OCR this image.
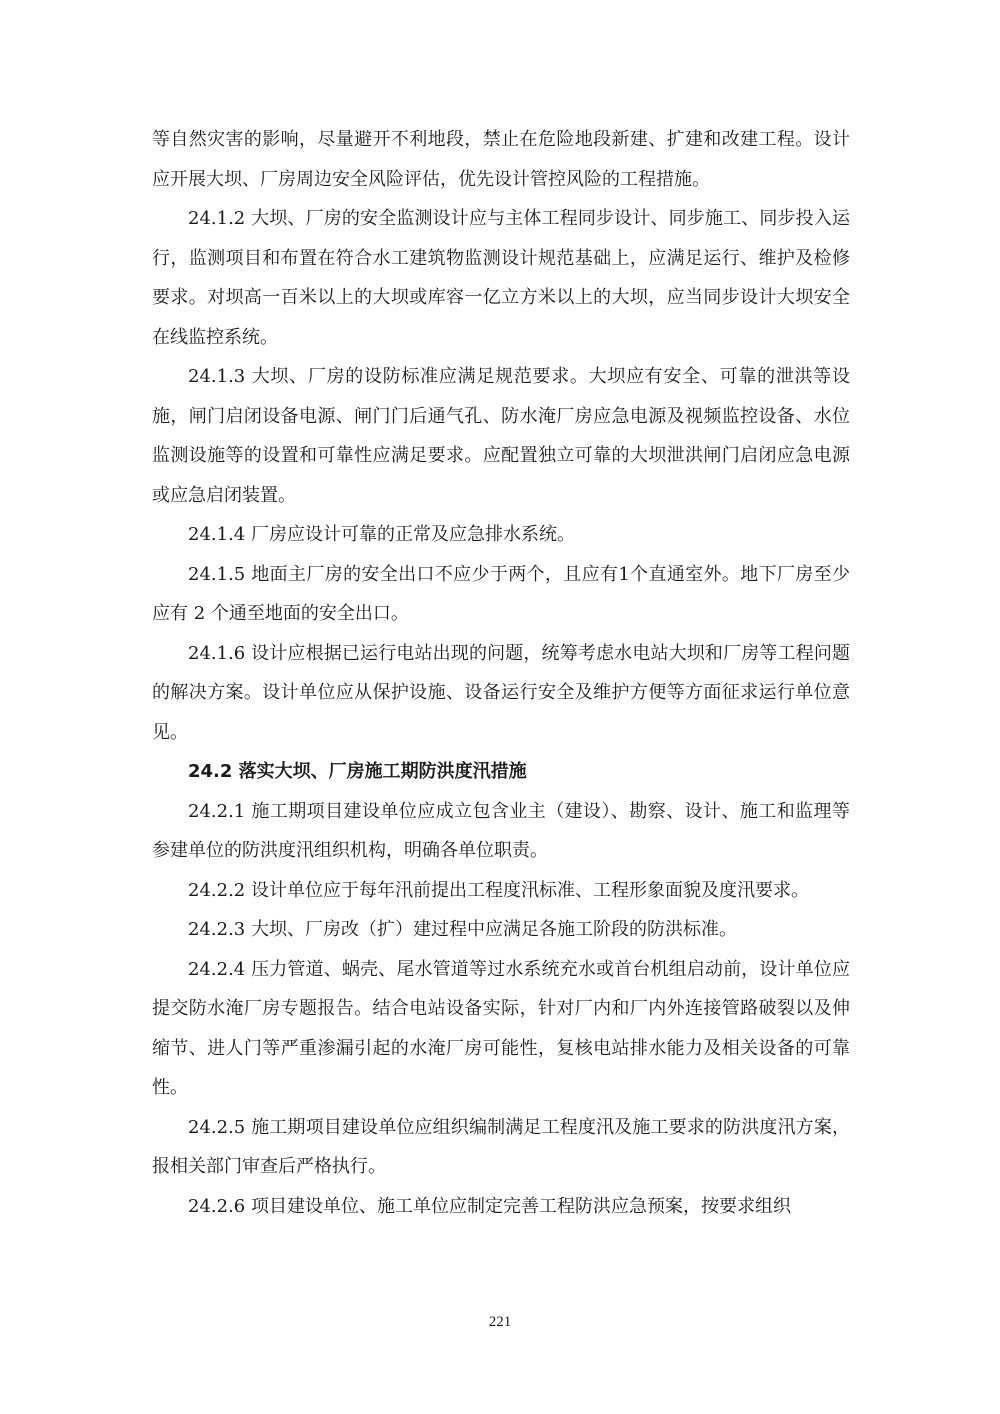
等自然灾害的影响，尽量避开不利地段，禁止在危险地段新建、扩建和改建工程。设计应开展大坝、厂房周边安全风险评估，优先设计管控风险的工程措施。

24.1.2 大坝、厂房的安全监测设计应与主体工程同步设计、同步施工、同步投入运行，监测项目和布置在符合水工建筑物监测设计规范基础上，应满足运行、维护及检修要求。对坝高一百米以上的大坝或库容一亿立方米以上的大坝，应当同步设计大坝安全在线监控系统。

24.1.3 大坝、厂房的设防标准应满足规范要求。大坝应有安全、可靠的泄洪等设施，闸门启闭设备电源、闸门门后通气孔、防水淹厂房应急电源及视频监控设备、水位监测设施等的设置和可靠性应满足要求。应配置独立可靠的大坝泄洪闸门启闭应急电源或应急启闭装置。

24.1.4 厂房应设计可靠的正常及应急排水系统。

24.1.5 地面主厂房的安全出口不应少于两个，且应有1个直通室外。地下厂房至少应有 2 个通至地面的安全出口。

24.1.6 设计应根据已运行电站出现的问题，统筹考虑水电站大坝和厂房等工程问题的解决方案。设计单位应从保护设施、设备运行安全及维护方便等方面征求运行单位意见。

24.2 落实大坝、厂房施工期防洪度汛措施

24.2.1 施工期项目建设单位应成立包含业主（建设）、勘察、设计、施工和监理等参建单位的防洪度汛组织机构，明确各单位职责。

24.2.2 设计单位应于每年汛前提出工程度汛标准、工程形象面貌及度汛要求。

24.2.3 大坝、厂房改（扩）建过程中应满足各施工阶段的防洪标准。

24.2.4 压力管道、蜗壳、尾水管道等过水系统充水或首台机组启动前，设计单位应提交防水淹厂房专题报告。结合电站设备实际，针对厂内和厂内外连接管路破裂以及伸缩节、进人门等严重渗漏引起的水淹厂房可能性，复核电站排水能力及相关设备的可靠性。

24.2.5 施工期项目建设单位应组织编制满足工程度汛及施工要求的防洪度汛方案，报相关部门审查后严格执行。

24.2.6 项目建设单位、施工单位应制定完善工程防洪应急预案，按要求组织

221
